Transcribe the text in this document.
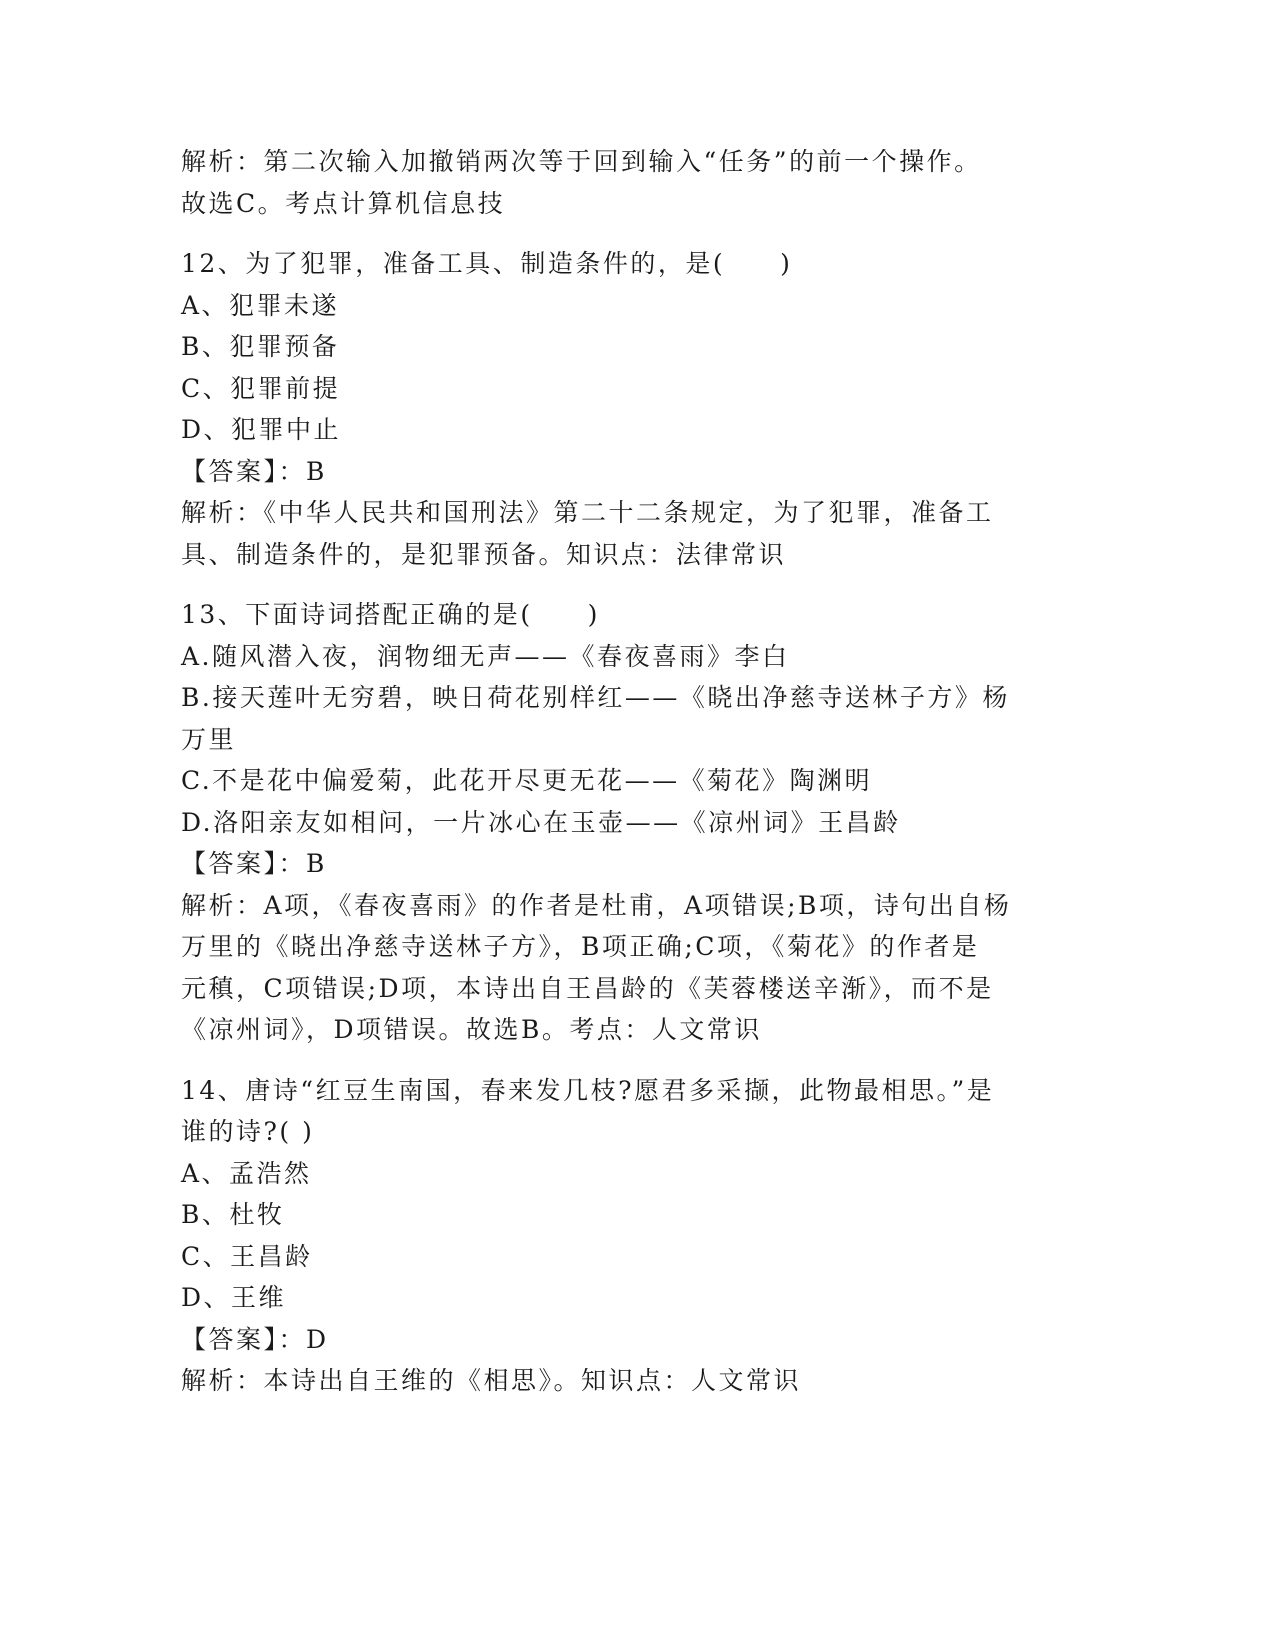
解析：第二次输入加撤销两次等于回到输入“任务”的前一个操作。
故选C。考点计算机信息技
12、为了犯罪，准备工具、制造条件的，是(　　)
A、犯罪未遂
B、犯罪预备
C、犯罪前提
D、犯罪中止
【答案】：B
解析：《中华人民共和国刑法》第二十二条规定，为了犯罪，准备工
具、制造条件的，是犯罪预备。知识点：法律常识
13、下面诗词搭配正确的是(　　)
A.随风潜入夜，润物细无声——《春夜喜雨》李白
B.接天莲叶无穷碧，映日荷花别样红——《晓出净慈寺送林子方》杨
万里
C.不是花中偏爱菊，此花开尽更无花——《菊花》陶渊明
D.洛阳亲友如相问，一片冰心在玉壶——《凉州词》王昌龄
【答案】：B
解析：A项，《春夜喜雨》的作者是杜甫，A项错误;B项，诗句出自杨
万里的《晓出净慈寺送林子方》，B项正确;C项，《菊花》的作者是
元稹，C项错误;D项，本诗出自王昌龄的《芙蓉楼送辛渐》，而不是
《凉州词》，D项错误。故选B。考点：人文常识
14、唐诗“红豆生南国，春来发几枝?愿君多采撷，此物最相思。”是
谁的诗?( )
A、孟浩然
B、杜牧
C、王昌龄
D、王维
【答案】：D
解析：本诗出自王维的《相思》。知识点：人文常识
